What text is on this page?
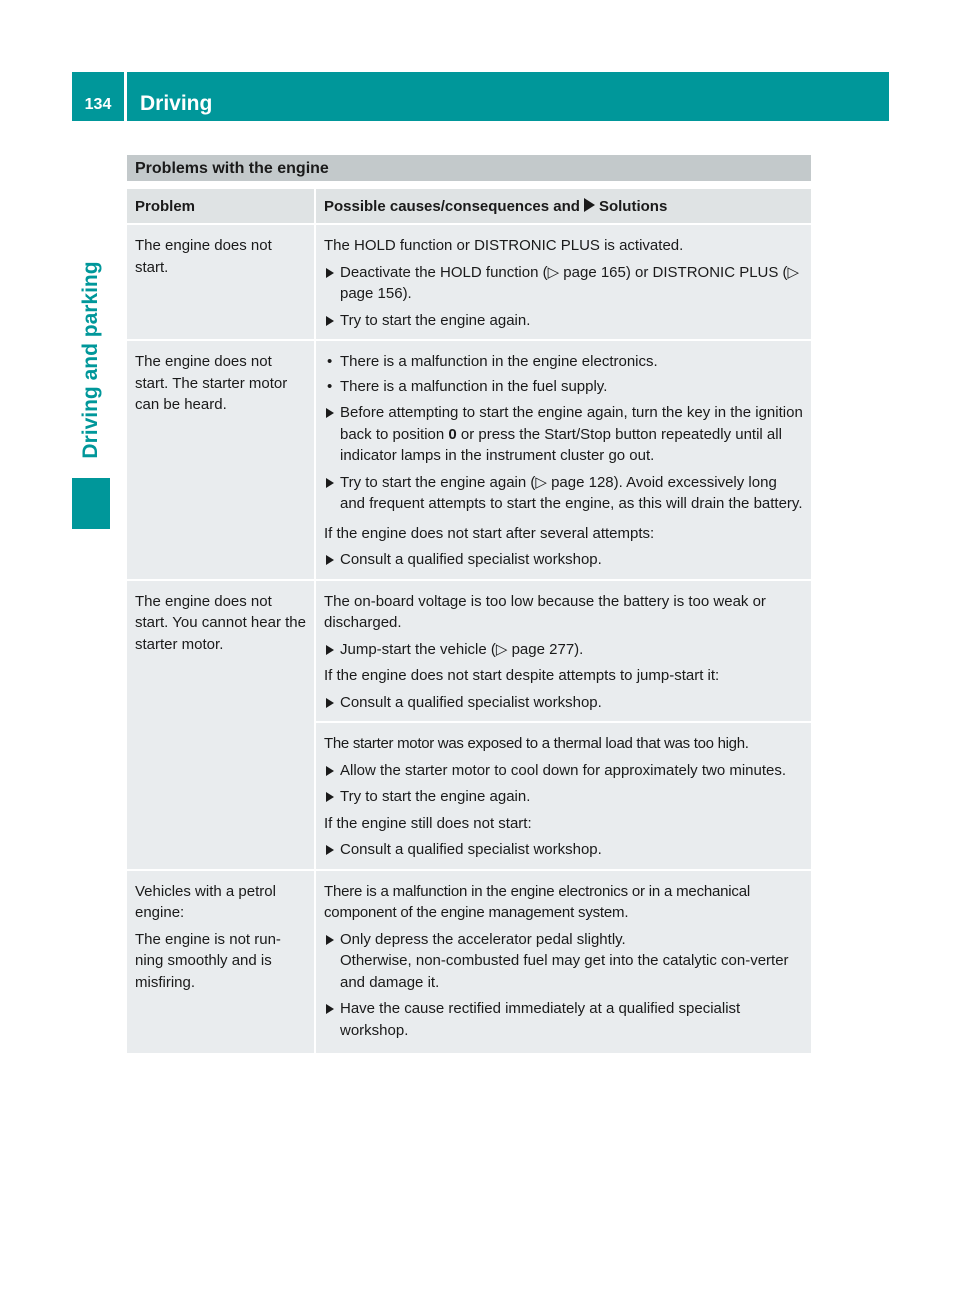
134	Driving
Driving and parking
Problems with the engine
Problem	Possible causes/consequences and Solutions
The engine does not start.
The HOLD function or DISTRONIC PLUS is activated.
Deactivate the HOLD function (▷ page 165) or DISTRONIC PLUS (▷ page 156).
Try to start the engine again.
The engine does not start. The starter motor can be heard.
• There is a malfunction in the engine electronics.
• There is a malfunction in the fuel supply.
Before attempting to start the engine again, turn the key in the ignition back to position 0 or press the Start/Stop button repeatedly until all indicator lamps in the instrument cluster go out.
Try to start the engine again (▷ page 128). Avoid excessively long and frequent attempts to start the engine, as this will drain the battery.
If the engine does not start after several attempts:
Consult a qualified specialist workshop.
The engine does not start. You cannot hear the starter motor.
The on-board voltage is too low because the battery is too weak or discharged.
Jump-start the vehicle (▷ page 277).
If the engine does not start despite attempts to jump-start it:
Consult a qualified specialist workshop.
The starter motor was exposed to a thermal load that was too high.
Allow the starter motor to cool down for approximately two minutes.
Try to start the engine again.
If the engine still does not start:
Consult a qualified specialist workshop.
Vehicles with a petrol engine:
The engine is not run-ning smoothly and is misfiring.
There is a malfunction in the engine electronics or in a mechanical component of the engine management system.
Only depress the accelerator pedal slightly.
Otherwise, non-combusted fuel may get into the catalytic con-verter and damage it.
Have the cause rectified immediately at a qualified specialist workshop.
